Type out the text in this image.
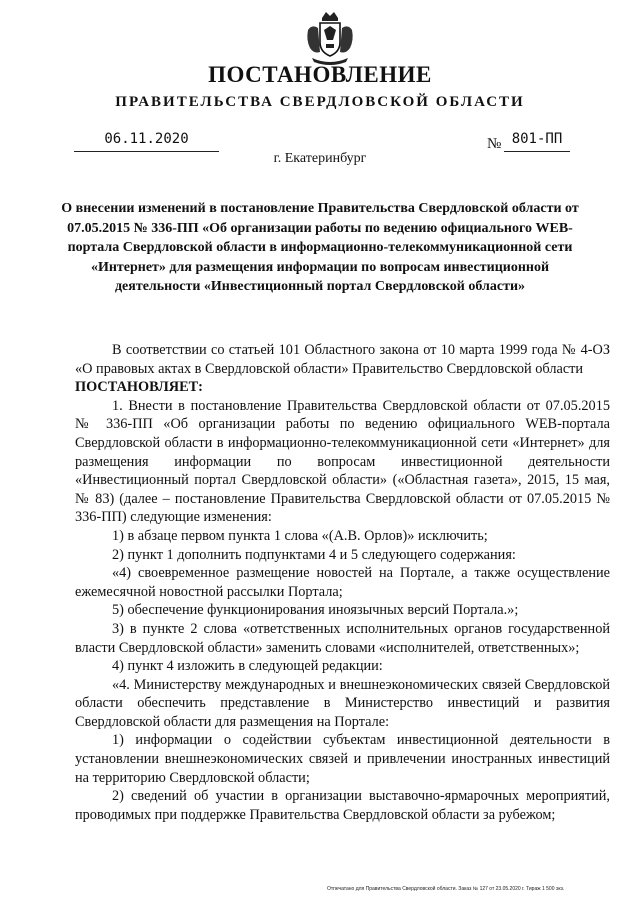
ПОСТАНОВЛЕНИЕ
ПРАВИТЕЛЬСТВА СВЕРДЛОВСКОЙ ОБЛАСТИ
06.11.2020	№ 801-ПП
г. Екатеринбург
О внесении изменений в постановление Правительства Свердловской области от 07.05.2015 № 336-ПП «Об организации работы по ведению официального WEB-портала Свердловской области в информационно-телекоммуникационной сети «Интернет» для размещения информации по вопросам инвестиционной деятельности «Инвестиционный портал Свердловской области»

В соответствии со статьей 101 Областного закона от 10 марта 1999 года № 4-ОЗ «О правовых актах в Свердловской области» Правительство Свердловской области

ПОСТАНОВЛЯЕТ:

1. Внести в постановление Правительства Свердловской области от 07.05.2015 № 336-ПП «Об организации работы по ведению официального WEB-портала Свердловской области в информационно-телекоммуникационной сети «Интернет» для размещения информации по вопросам инвестиционной деятельности «Инвестиционный портал Свердловской области» («Областная газета», 2015, 15 мая, № 83) (далее – постановление Правительства Свердловской области от 07.05.2015 № 336-ПП) следующие изменения:

1) в абзаце первом пункта 1 слова «(А.В. Орлов)» исключить;

2) пункт 1 дополнить подпунктами 4 и 5 следующего содержания:

«4) своевременное размещение новостей на Портале, а также осуществление ежемесячной новостной рассылки Портала;

5) обеспечение функционирования иноязычных версий Портала.»;

3) в пункте 2 слова «ответственных исполнительных органов государственной власти Свердловской области» заменить словами «исполнителей, ответственных»;

4) пункт 4 изложить в следующей редакции:

«4. Министерству международных и внешнеэкономических связей Свердловской области обеспечить представление в Министерство инвестиций и развития Свердловской области для размещения на Портале:

1) информации о содействии субъектам инвестиционной деятельности в установлении внешнеэкономических связей и привлечении иностранных инвестиций на территорию Свердловской области;

2) сведений об участии в организации выставочно-ярмарочных мероприятий, проводимых при поддержке Правительства Свердловской области за рубежом;

Отпечатано для Правительства Свердловской области. Заказ № 127 от 23.05.2020 г. Тираж 1 500 экз.
